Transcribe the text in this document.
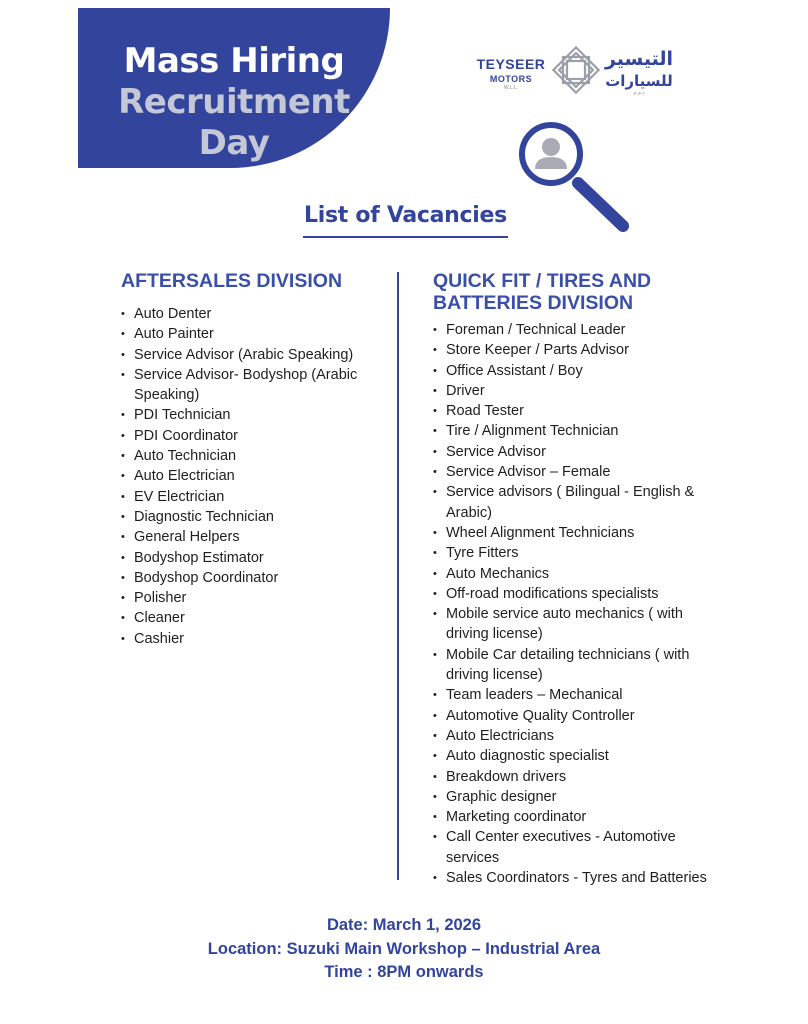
Mass Hiring
Recruitment
Day
TEYSEER
MOTORS
W.L.L.
التيسير
للسيارات
ذ.م.م
List of Vacancies
AFTERSALES DIVISION
• Auto Denter
• Auto Painter
• Service Advisor (Arabic Speaking)
• Service Advisor- Bodyshop (Arabic Speaking)
• PDI Technician
• PDI Coordinator
• Auto Technician
• Auto Electrician
• EV Electrician
• Diagnostic Technician
• General Helpers
• Bodyshop Estimator
• Bodyshop Coordinator
• Polisher
• Cleaner
• Cashier
QUICK FIT / TIRES AND BATTERIES DIVISION
• Foreman / Technical Leader
• Store Keeper / Parts Advisor
• Office Assistant / Boy
• Driver
• Road Tester
• Tire / Alignment Technician
• Service Advisor
• Service Advisor – Female
• Service advisors ( Bilingual - English & Arabic)
• Wheel Alignment Technicians
• Tyre Fitters
• Auto Mechanics
• Off-road modifications specialists
• Mobile service auto mechanics ( with driving license)
• Mobile Car detailing technicians ( with driving license)
• Team leaders – Mechanical
• Automotive Quality Controller
• Auto Electricians
• Auto diagnostic specialist
• Breakdown drivers
• Graphic designer
• Marketing coordinator
• Call Center executives - Automotive services
• Sales Coordinators - Tyres and Batteries
Date: March 1, 2026
Location: Suzuki Main Workshop – Industrial Area
Time : 8PM onwards
